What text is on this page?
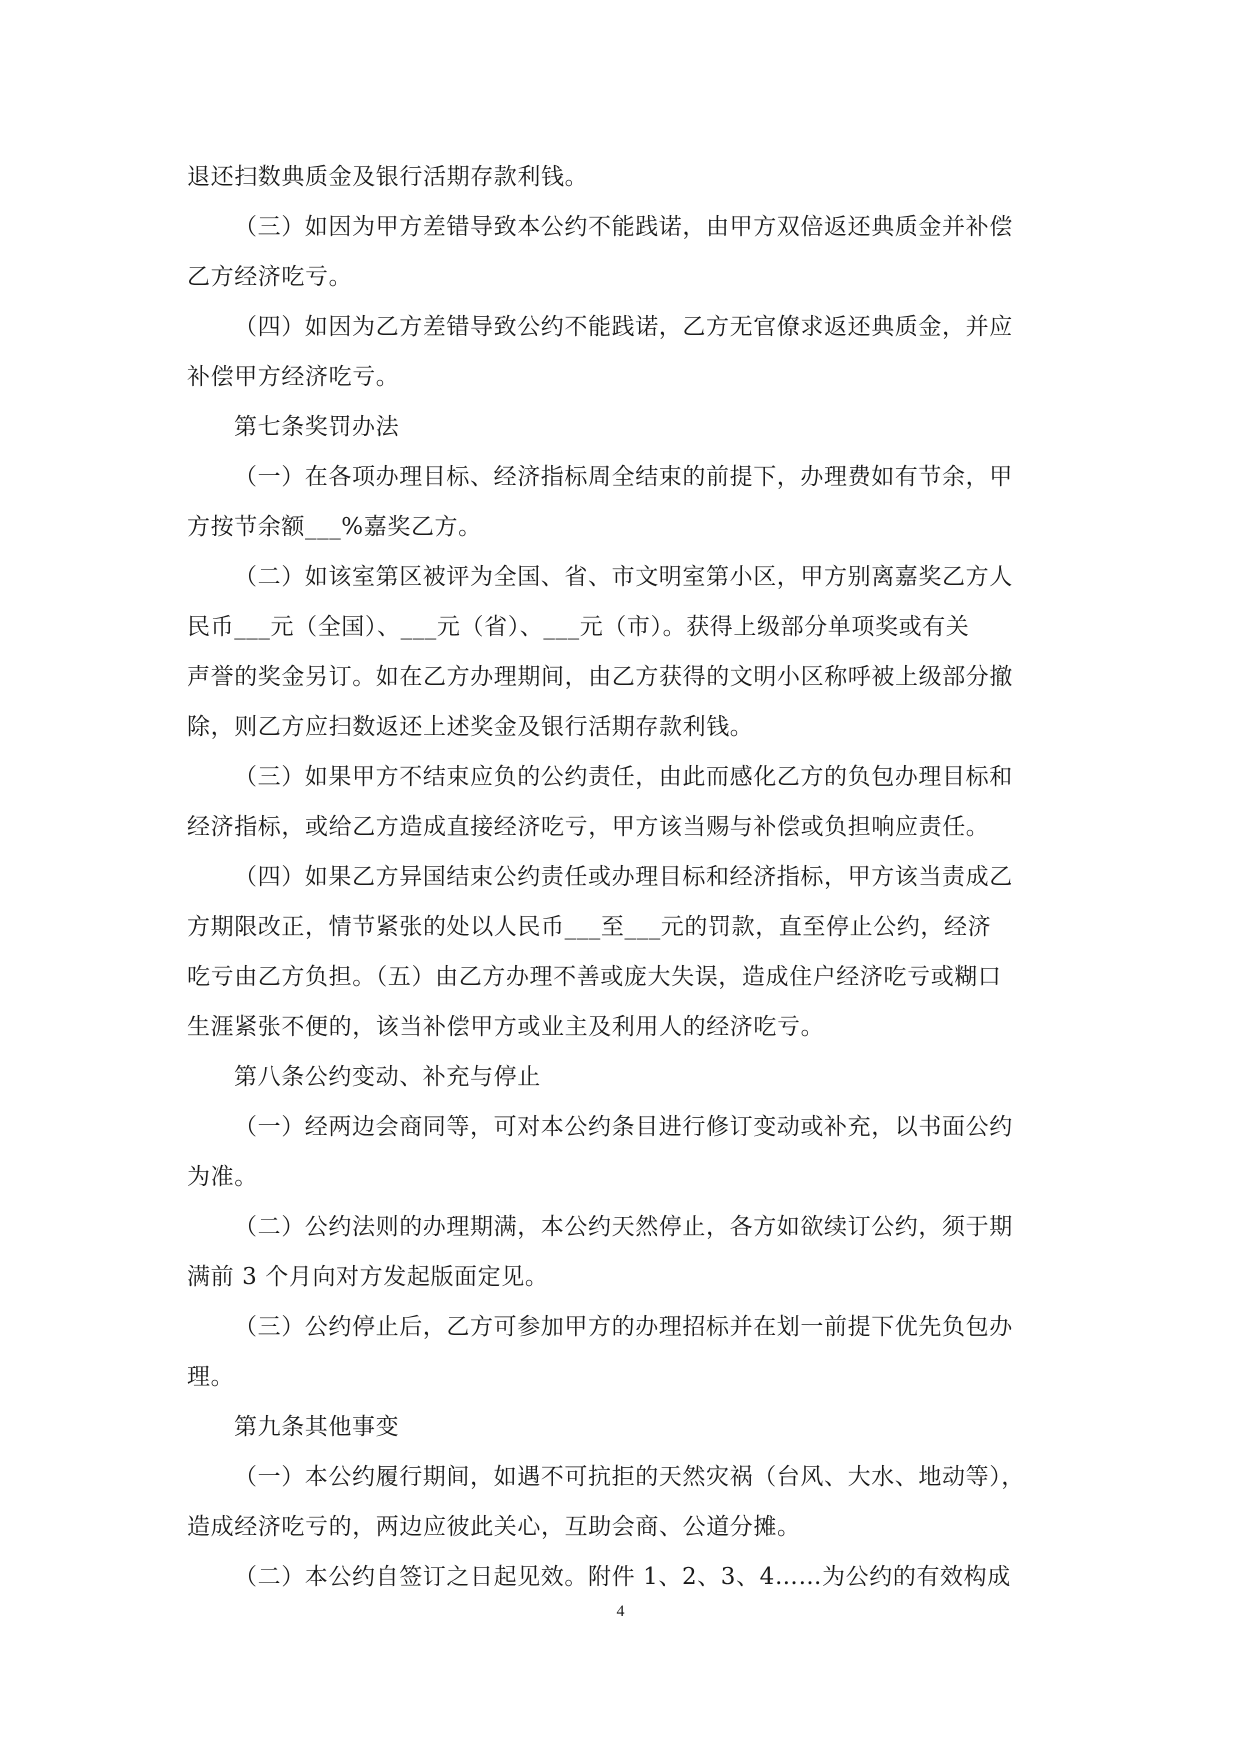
退还扫数典质金及银行活期存款利钱。
（三）如因为甲方差错导致本公约不能践诺，由甲方双倍返还典质金并补偿
乙方经济吃亏。
（四）如因为乙方差错导致公约不能践诺，乙方无官僚求返还典质金，并应
补偿甲方经济吃亏。
第七条奖罚办法
（一）在各项办理目标、经济指标周全结束的前提下，办理费如有节余，甲
方按节余额___%嘉奖乙方。
（二）如该室第区被评为全国、省、市文明室第小区，甲方别离嘉奖乙方人
民币___元（全国）、___元（省）、___元（市）。获得上级部分单项奖或有关
声誉的奖金另订。如在乙方办理期间，由乙方获得的文明小区称呼被上级部分撤
除，则乙方应扫数返还上述奖金及银行活期存款利钱。
（三）如果甲方不结束应负的公约责任，由此而感化乙方的负包办理目标和
经济指标，或给乙方造成直接经济吃亏，甲方该当赐与补偿或负担响应责任。
（四）如果乙方异国结束公约责任或办理目标和经济指标，甲方该当责成乙
方期限改正，情节紧张的处以人民币___至___元的罚款，直至停止公约，经济
吃亏由乙方负担。（五）由乙方办理不善或庞大失误，造成住户经济吃亏或糊口
生涯紧张不便的，该当补偿甲方或业主及利用人的经济吃亏。
第八条公约变动、补充与停止
（一）经两边会商同等，可对本公约条目进行修订变动或补充，以书面公约
为准。
（二）公约法则的办理期满，本公约天然停止，各方如欲续订公约，须于期
满前 3 个月向对方发起版面定见。
（三）公约停止后，乙方可参加甲方的办理招标并在划一前提下优先负包办
理。
第九条其他事变
（一）本公约履行期间，如遇不可抗拒的天然灾祸（台风、大水、地动等），
造成经济吃亏的，两边应彼此关心，互助会商、公道分摊。
（二）本公约自签订之日起见效。附件 1、2、3、4……为公约的有效构成

4
